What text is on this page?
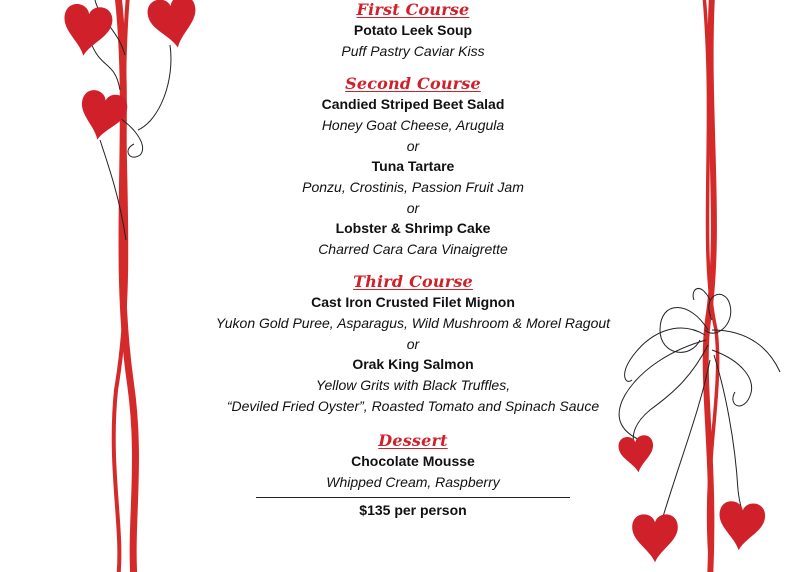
First Course
Potato Leek Soup
Puff Pastry Caviar Kiss
Second Course
Candied Striped Beet Salad
Honey Goat Cheese, Arugula
or
Tuna Tartare
Ponzu, Crostinis, Passion Fruit Jam
or
Lobster & Shrimp Cake
Charred Cara Cara Vinaigrette
Third Course
Cast Iron Crusted Filet Mignon
Yukon Gold Puree, Asparagus, Wild Mushroom & Morel Ragout
or
Orak King Salmon
Yellow Grits with Black Truffles,
“Deviled Fried Oyster”, Roasted Tomato and Spinach Sauce
Dessert
Chocolate Mousse
Whipped Cream, Raspberry
$135 per person
